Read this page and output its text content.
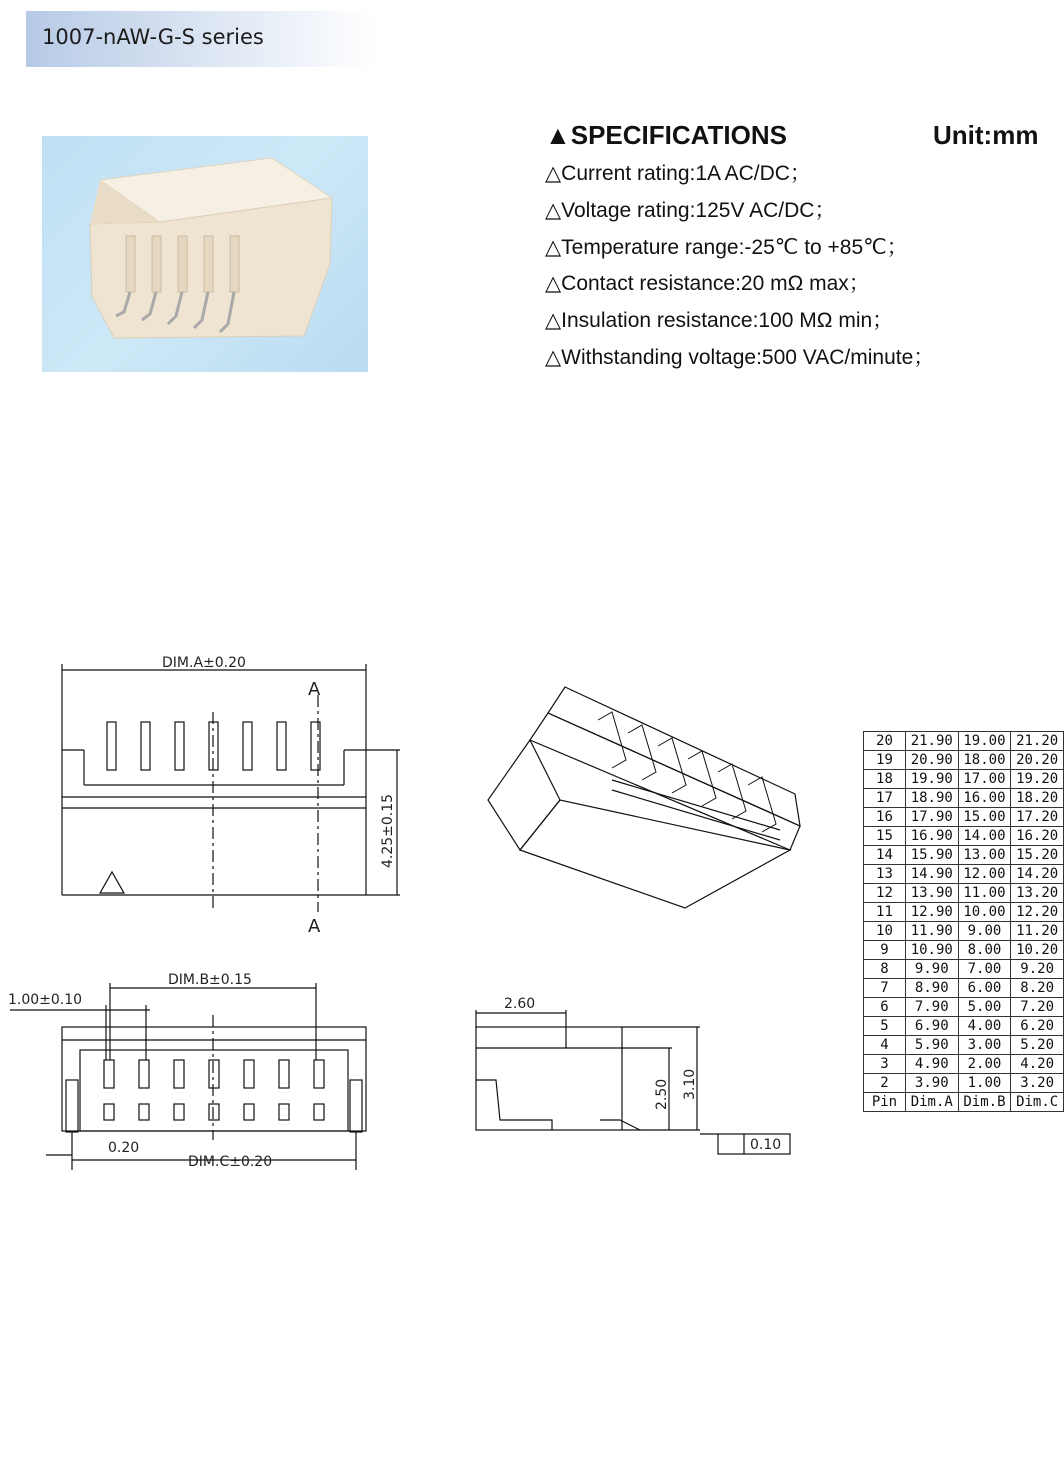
1007-nAW-G-S series
▲SPECIFICATIONS	Unit:mm
△Current rating:1A AC/DC；
△Voltage rating:125V AC/DC；
△Temperature range:-25℃ to +85℃；
△Contact resistance:20 mΩ max；
△Insulation resistance:100 MΩ min；
△Withstanding voltage:500 VAC/minute；
DIM.A±0.20
A
A
4.25±0.15
DIM.B±0.15
1.00±0.10
0.20
DIM.C±0.20
2.60
2.50 3.10
0.10
20	21.90	19.00	21.20
19	20.90	18.00	20.20
18	19.90	17.00	19.20
17	18.90	16.00	18.20
16	17.90	15.00	17.20
15	16.90	14.00	16.20
14	15.90	13.00	15.20
13	14.90	12.00	14.20
12	13.90	11.00	13.20
11	12.90	10.00	12.20
10	11.90	9.00	11.20
9	10.90	8.00	10.20
8	9.90	7.00	9.20
7	8.90	6.00	8.20
6	7.90	5.00	7.20
5	6.90	4.00	6.20
4	5.90	3.00	5.20
3	4.90	2.00	4.20
2	3.90	1.00	3.20
Pin	Dim.A	Dim.B	Dim.C
